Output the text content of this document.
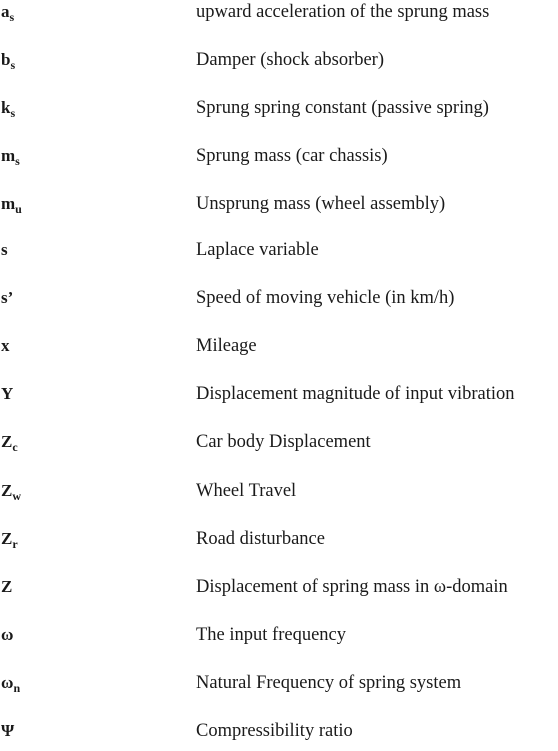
$a_s$	upward acceleration of the sprung mass
$b_s$	Damper (shock absorber)
$k_s$	Sprung spring constant (passive spring)
$m_s$	Sprung mass (car chassis)
$m_u$	Unsprung mass (wheel assembly)
s	Laplace variable
s’	Speed of moving vehicle (in km/h)
x	Mileage
Y	Displacement magnitude of input vibration
$Z_c$	Car body Displacement
$Z_w$	Wheel Travel
$Z_r$	Road disturbance
Z	Displacement of spring mass in ω-domain
ω	The input frequency
$\omega_n$	Natural Frequency of spring system
Ψ	Compressibility ratio
